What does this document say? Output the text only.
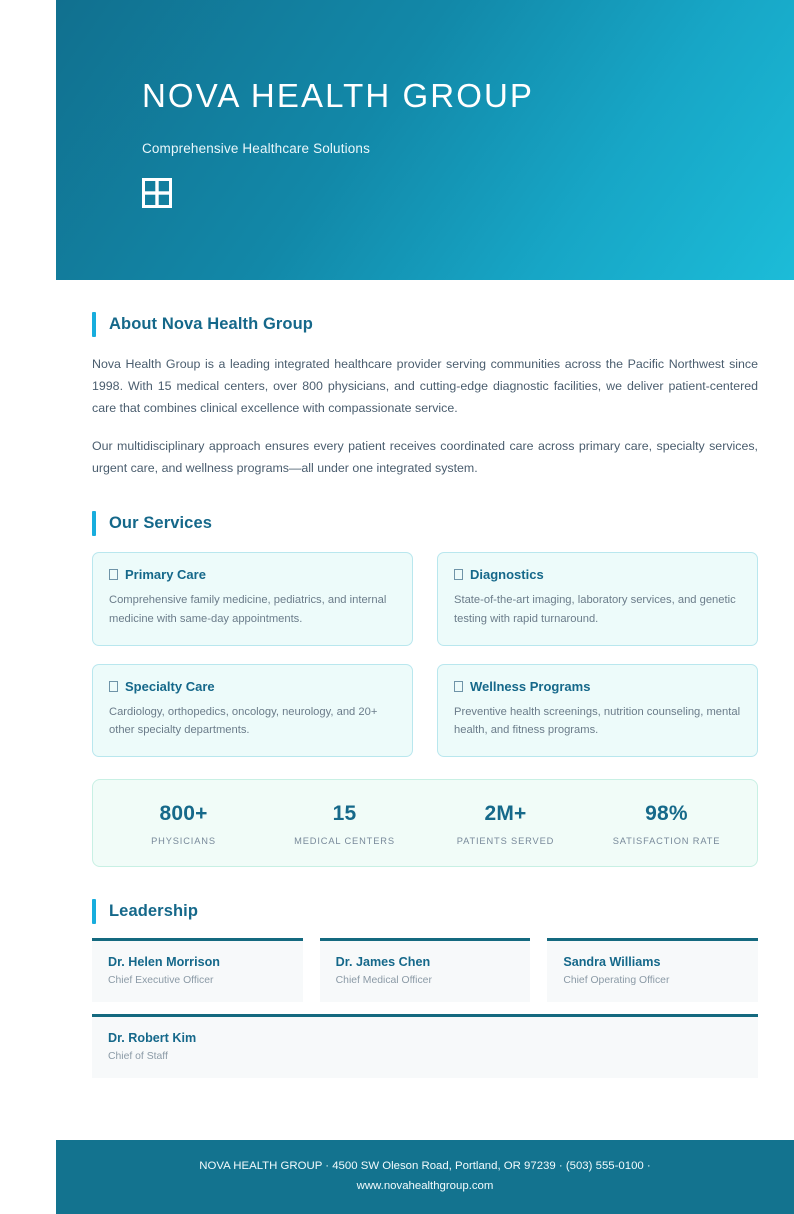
NOVA HEALTH GROUP
Comprehensive Healthcare Solutions
About Nova Health Group

Nova Health Group is a leading integrated healthcare provider serving communities across the Pacific Northwest since 1998. With 15 medical centers, over 800 physicians, and cutting-edge diagnostic facilities, we deliver patient-centered care that combines clinical excellence with compassionate service.

Our multidisciplinary approach ensures every patient receives coordinated care across primary care, specialty services, urgent care, and wellness programs—all under one integrated system.

Our Services
Primary Care
Comprehensive family medicine, pediatrics, and internal medicine with same-day appointments.
Diagnostics
State-of-the-art imaging, laboratory services, and genetic testing with rapid turnaround.
Specialty Care
Cardiology, orthopedics, oncology, neurology, and 20+ other specialty departments.
Wellness Programs
Preventive health screenings, nutrition counseling, mental health, and fitness programs.
800+
PHYSICIANS
15
MEDICAL CENTERS
2M+
PATIENTS SERVED
98%
SATISFACTION RATE
Leadership
Dr. Helen Morrison
Chief Executive Officer
Dr. James Chen
Chief Medical Officer
Sandra Williams
Chief Operating Officer
Dr. Robert Kim
Chief of Staff
NOVA HEALTH GROUP · 4500 SW Oleson Road, Portland, OR 97239 · (503) 555-0100 · www.novahealthgroup.com
